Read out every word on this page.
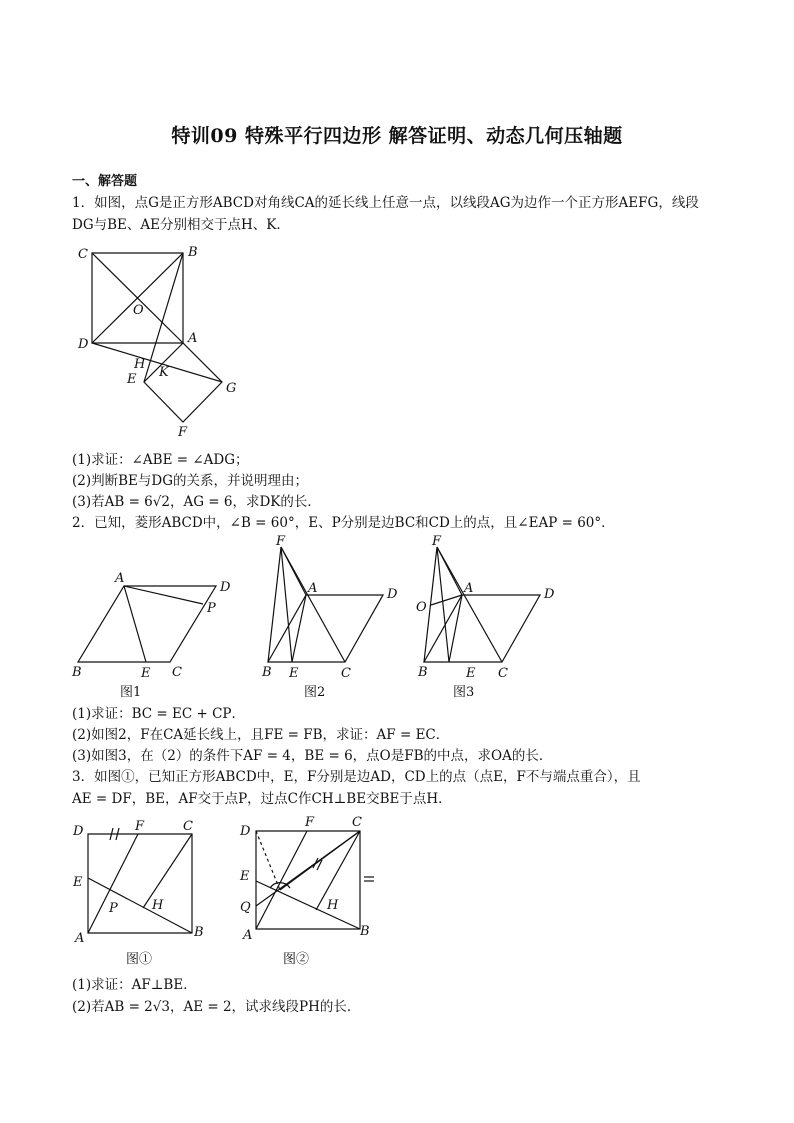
特训09 特殊平行四边形 解答证明、动态几何压轴题
一、解答题
1．如图，点G是正方形ABCD对角线CA的延长线上任意一点，以线段AG为边作一个正方形AEFG，线段
DG与BE、AE分别相交于点H、K．
C	B
O
D	A
H
E K
G
F
(1)求证：∠ABE = ∠ADG；
(2)判断BE与DG的关系，并说明理由；
(3)若AB = 6√2，AG = 6，求DK的长．
2．已知，菱形ABCD中，∠B = 60°，E、P分别是边BC和CD上的点，且∠EAP = 60°．
A
D
P
B	E C
图1
F
A	D
B E	C
图2
F
A	D
O
B	E C
图3
(1)求证：BC = EC + CP．
(2)如图2，F在CA延长线上，且FE = FB，求证：AF = EC．
(3)如图3，在（2）的条件下AF = 4，BE = 6，点O是FB的中点，求OA的长．
3．如图①，已知正方形ABCD中，E，F分别是边AD，CD上的点（点E，F不与端点重合），且
AE = DF，BE，AF交于点P，过点C作CH⊥BE交BE于点H．
D	F	C
E
P	H
A	B
图①
D
F	C
E
Q	H
A	B
图②
(1)求证：AF⊥BE．
(2)若AB = 2√3，AE = 2，试求线段PH的长．
